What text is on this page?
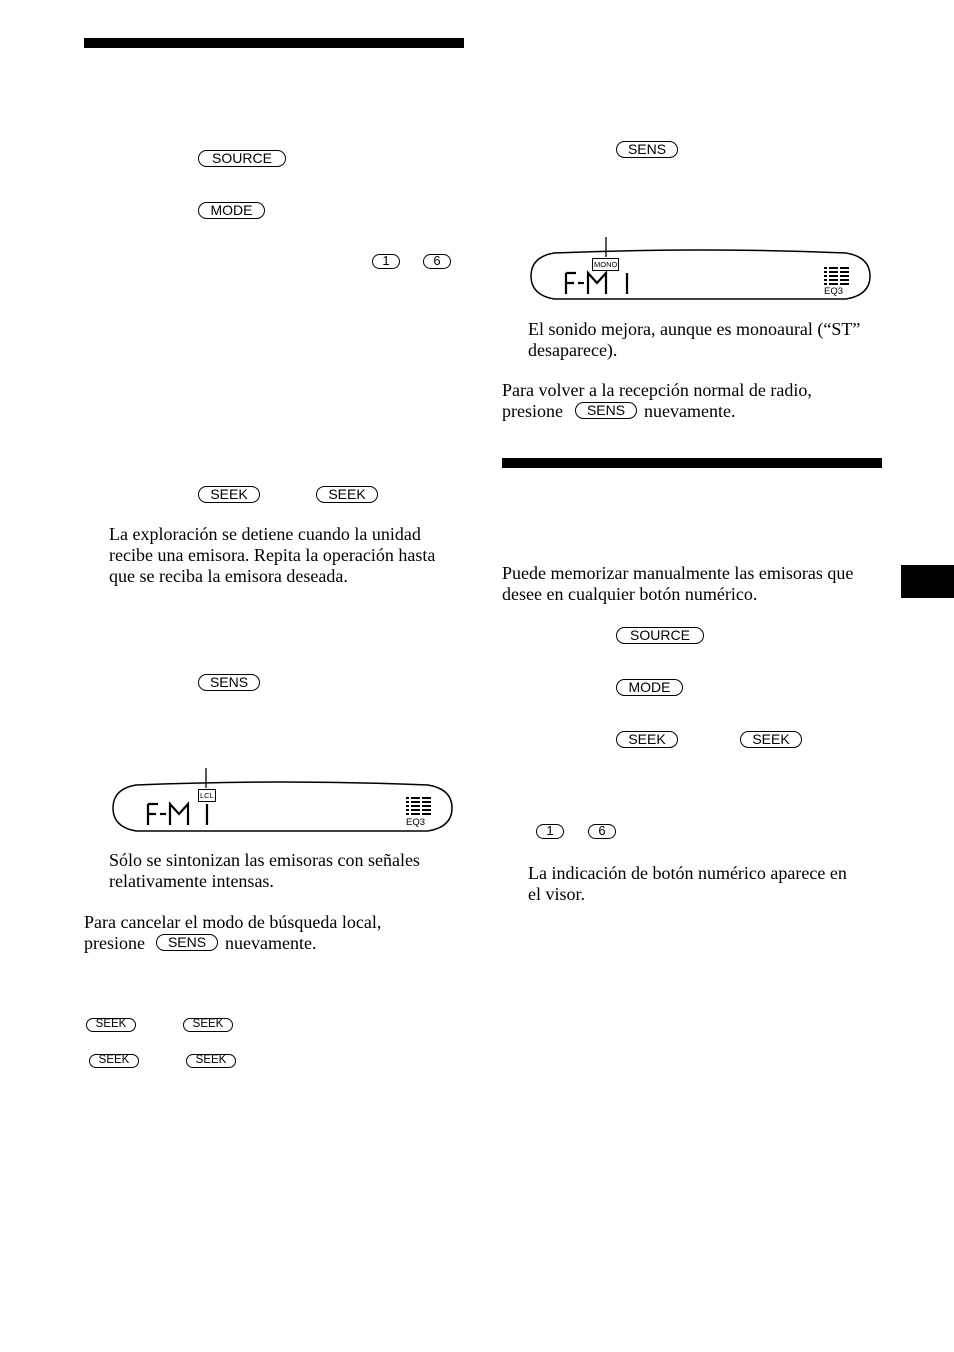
SOURCE
MODE
1	6
SEEK	SEEK
La exploración se detiene cuando la unidad
recibe una emisora. Repita la operación hasta
que se reciba la emisora deseada.
SENS
LCL
EQ3
Sólo se sintonizan las emisoras con señales
relativamente intensas.
Para cancelar el modo de búsqueda local,
presione	SENS	nuevamente.
SEEK	SEEK
SEEK	SEEK
SENS
MONO
EQ3
El sonido mejora, aunque es monoaural (“ST”
desaparece).
Para volver a la recepción normal de radio,
presione	SENS	nuevamente.
Puede memorizar manualmente las emisoras que
desee en cualquier botón numérico.
SOURCE
MODE
SEEK	SEEK
1	6
La indicación de botón numérico aparece en
el visor.
